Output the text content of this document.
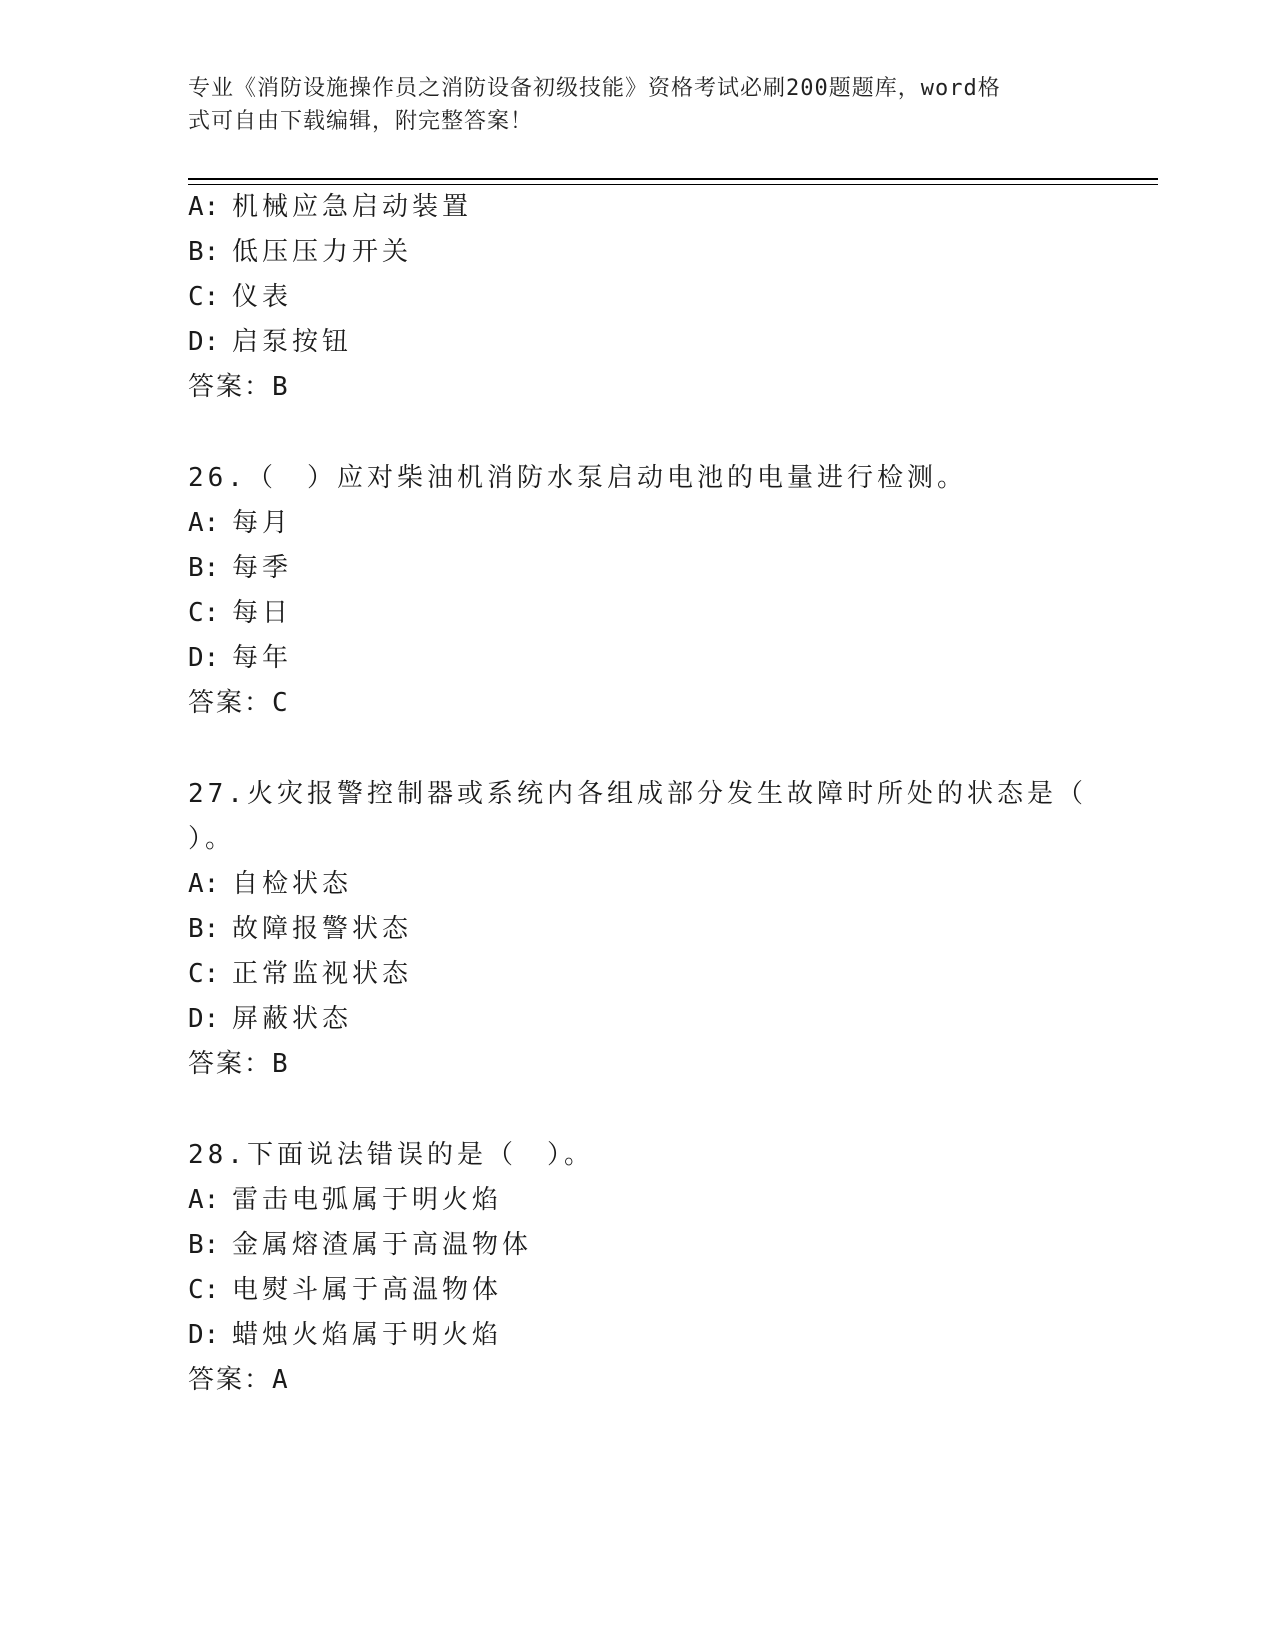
专业《消防设施操作员之消防设备初级技能》资格考试必刷200题题库，word格
式可自由下载编辑，附完整答案！
A: 机械应急启动装置
B: 低压压力开关
C: 仪表
D: 启泵按钮
答案：B
26.（　）应对柴油机消防水泵启动电池的电量进行检测。
A: 每月
B: 每季
C: 每日
D: 每年
答案：C
27.火灾报警控制器或系统内各组成部分发生故障时所处的状态是（
）。
A: 自检状态
B: 故障报警状态
C: 正常监视状态
D: 屏蔽状态
答案：B
28.下面说法错误的是（　）。
A: 雷击电弧属于明火焰
B: 金属熔渣属于高温物体
C: 电熨斗属于高温物体
D: 蜡烛火焰属于明火焰
答案：A
